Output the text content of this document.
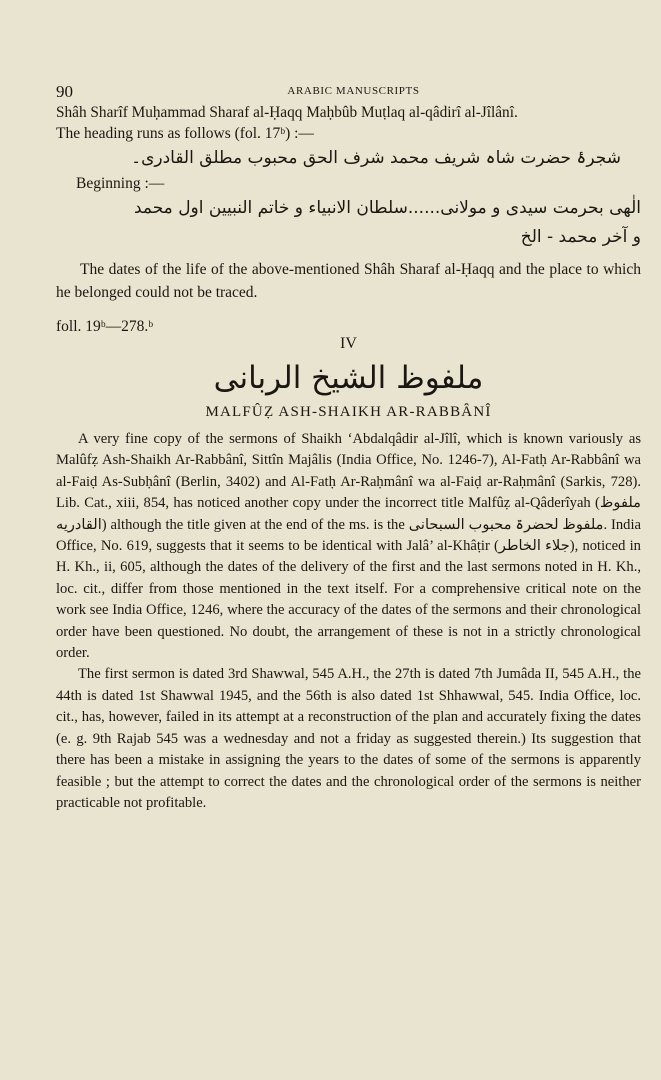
90	ARABIC MANUSCRIPTS

Shâh Sharîf Muḥammad Sharaf al-Ḥaqq Maḥbûb Muṭlaq al-qâdirî al-Jîlânî.

The heading runs as follows (fol. 17ᵇ) :—

شجرۂ حضرت شاہ شریف محمد شرف الحق محبوب مطلق القادری۔

Beginning :—

الٰهی بحرمت سیدی و مولانی......سلطان الانبیاء و خاتم النبیین اول محمد

و آخر محمد - الخ

The dates of the life of the above-mentioned Shâh Sharaf al-Ḥaqq and the place to which he belonged could not be traced.

foll. 19ᵇ—278.ᵇ

IV

ملفوظ الشیخ الربانی

MALFÛẒ ASH-SHAIKH AR-RABBÂNÎ

A very fine copy of the sermons of Shaikh ‘Abdalqâdir al-Jîlî, which is known variously as Malûfẓ Ash-Shaikh Ar-Rabbânî, Sittîn Majâlis (India Office, No. 1246-7), Al-Fatḥ Ar-Rabbânî wa al-Faiḍ As-Subḥânî (Berlin, 3402) and Al-Fatḥ Ar-Raḥmânî wa al-Faiḍ ar-Raḥmânî (Sarkis, 728). Lib. Cat., xiii, 854, has noticed another copy under the incorrect title Malfûẓ al-Qâderîyah (ملفوظ القادریه) although the title given at the end of the ms. is the ملفوظ لحضرۃ محبوب السبحانی. India Office, No. 619, suggests that it seems to be identical with Jalâ’ al-Khâṭir (جلاء الخاطر), noticed in H. Kh., ii, 605, although the dates of the delivery of the first and the last sermons noted in H. Kh., loc. cit., differ from those mentioned in the text itself. For a comprehensive critical note on the work see India Office, 1246, where the accuracy of the dates of the sermons and their chronological order have been questioned. No doubt, the arrangement of these is not in a strictly chronological order.

The first sermon is dated 3rd Shawwal, 545 A.H., the 27th is dated 7th Jumâda II, 545 A.H., the 44th is dated 1st Shawwal 1945, and the 56th is also dated 1st Shhawwal, 545. India Office, loc. cit., has, however, failed in its attempt at a reconstruction of the plan and accurately fixing the dates (e. g. 9th Rajab 545 was a wednesday and not a friday as suggested therein.) Its suggestion that there has been a mistake in assigning the years to the dates of some of the sermons is apparently feasible ; but the attempt to correct the dates and the chronological order of the sermons is neither practicable not profitable.
